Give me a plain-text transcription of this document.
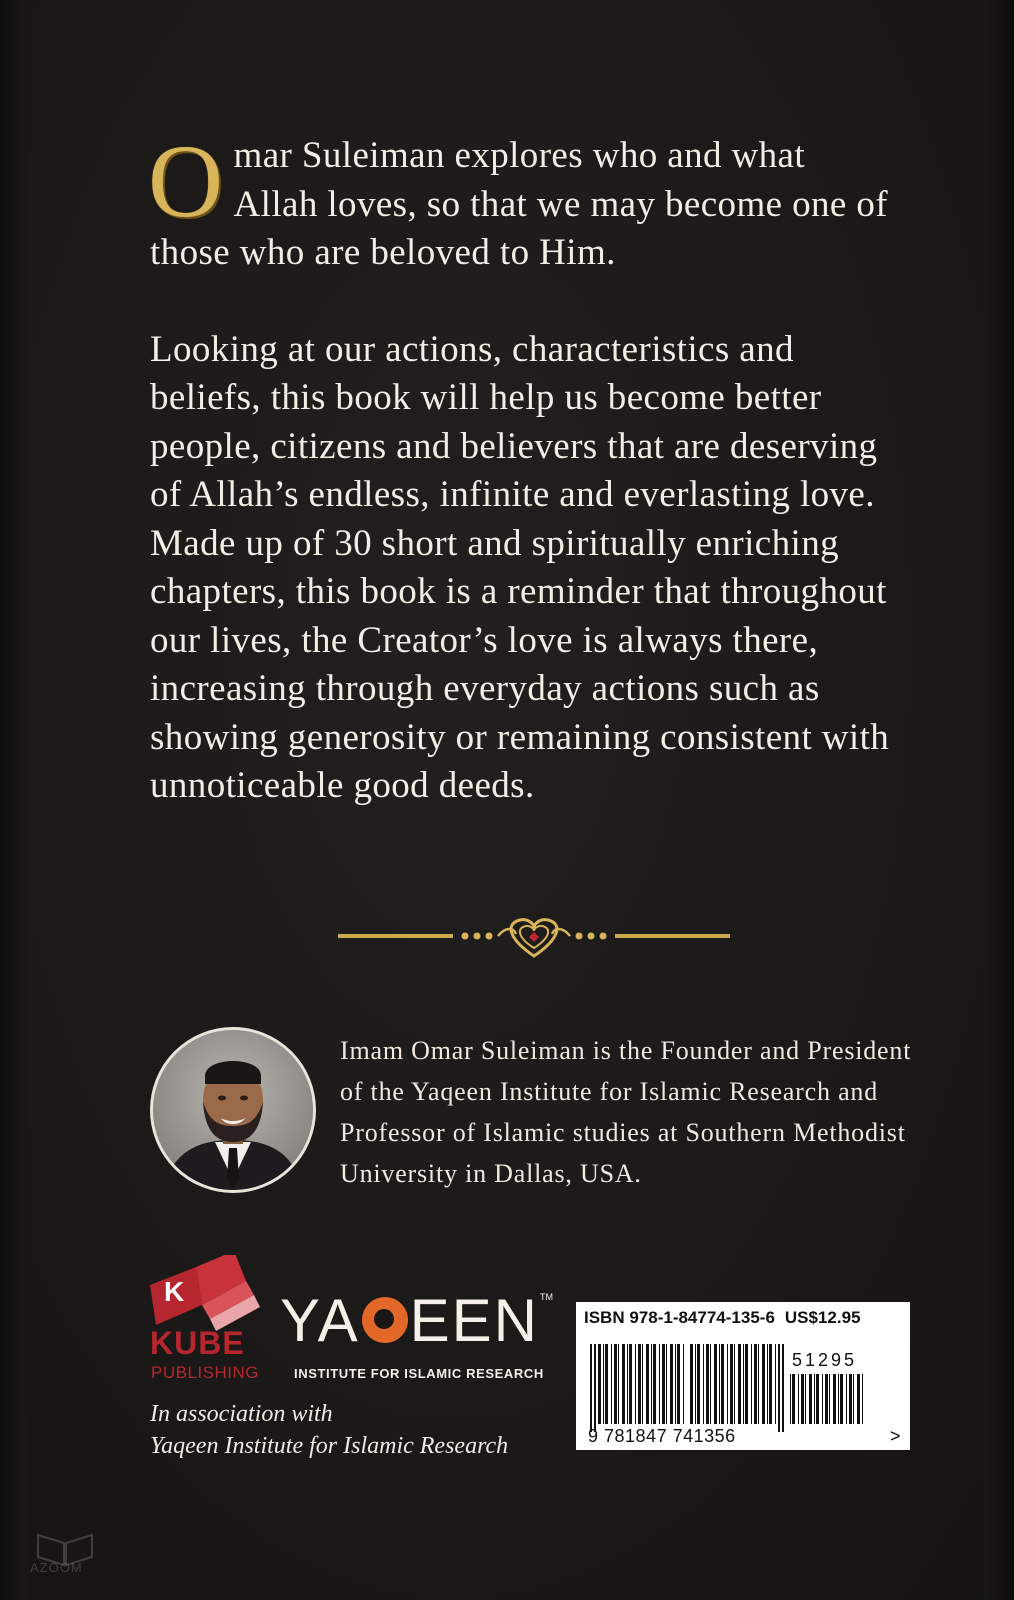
Omar Suleiman explores who and what Allah loves, so that we may become one of those who are beloved to Him.

Looking at our actions, characteristics and beliefs, this book will help us become better people, citizens and believers that are deserving of Allah’s endless, infinite and everlasting love. Made up of 30 short and spiritually enriching chapters, this book is a reminder that throughout our lives, the Creator’s love is always there, increasing through everyday actions such as showing generosity or remaining consistent with unnoticeable good deeds.

Imam Omar Suleiman is the Founder and President of the Yaqeen Institute for Islamic Research and Professor of Islamic studies at Southern Methodist University in Dallas, USA.
K
KUBE
PUBLISHING
YA EEN TM
INSTITUTE FOR ISLAMIC RESEARCH
In association with
Yaqeen Institute for Islamic Research
ISBN 978-1-84774-135-6 US$12.95
9 781847 741356
51295
>
AZOOM
